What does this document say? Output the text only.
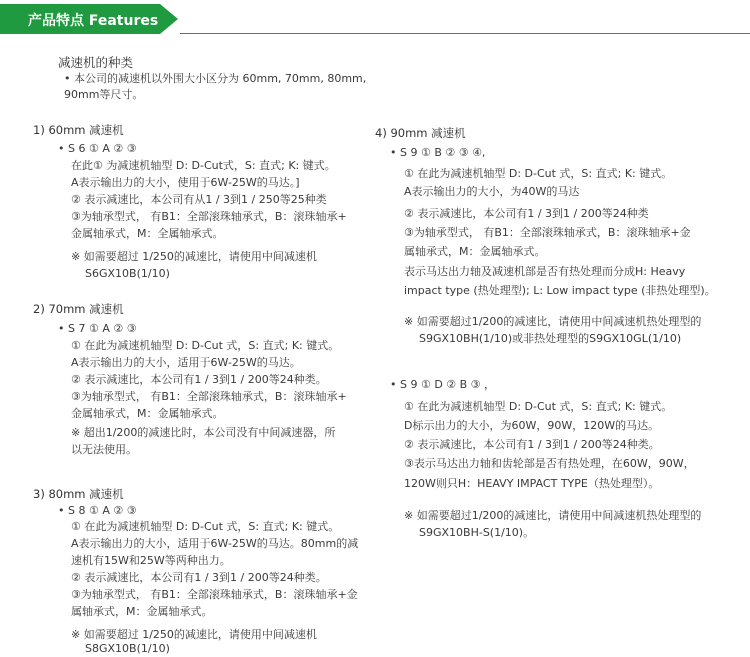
产品特点 Features
减速机的种类
• 本公司的减速机以外围大小区分为 60mm, 70mm, 80mm,
90mm等尺寸。
1) 60mm 减速机
• S 6 ① A ② ③
在此① 为减速机轴型 D: D-Cut式，S: 直式; K: 键式。
A表示输出力的大小，使用于6W-25W的马达。]
② 表示减速比，本公司有从1 / 3到1 / 250等25种类
③为轴承型式， 有B1：全部滚珠轴承式，B：滚珠轴承+
金属轴承式，M：全属轴承式。
※ 如需要超过 1/250的减速比，请使用中间减速机
S6GX10B(1/10)
2) 70mm 减速机
• S 7 ① A ② ③
① 在此为减速机轴型 D: D-Cut 式，S: 直式; K: 键式。
A表示输出力的大小，适用于6W-25W的马达。
② 表示减速比，本公司有1 / 3到1 / 200等24种类。
③为轴承型式， 有B1：全部滚珠轴承式，B：滚珠轴承+
金属轴承式，M：金属轴承式。
※ 超出1/200的减速比时，本公司没有中间减速器，所
以无法使用。
3) 80mm 减速机
• S 8 ① A ② ③
① 在此为减速机轴型 D: D-Cut 式，S: 直式; K: 键式。
A表示输出力的大小，适用于6W-25W的马达。80mm的减
速机有15W和25W等两种出力。
② 表示减速比，本公司有1 / 3到1 / 200等24种类。
③为轴承型式， 有B1：全部滚珠轴承式，B：滚珠轴承+金
属轴承式，M：金属轴承式。
※ 如需要超过 1/250的减速比，请使用中间减速机
S8GX10B(1/10)
4) 90mm 减速机
• S 9 ① B ② ③ ④,
① 在此为减速机轴型 D: D-Cut 式，S: 直式; K: 键式。
A表示输出力的大小，为40W的马达
② 表示减速比，本公司有1 / 3到1 / 200等24种类
③为轴承型式， 有B1：全部滚珠轴承式，B：滚珠轴承+金
属轴承式，M：金属轴承式。
表示马达出力轴及减速机部是否有热处理而分成H: Heavy
impact type (热处理型); L: Low impact type (非热处理型)。
※ 如需要超过1/200的减速比，请使用中间减速机热处理型的
S9GX10BH(1/10)或非热处理型的S9GX10GL(1/10)
• S 9 ① D ② B ③ ，
① 在此为减速机轴型 D: D-Cut 式，S: 直式; K: 键式。
D标示出力的大小，为60W，90W，120W的马达。
② 表示减速比，本公司有1 / 3到1 / 200等24种类。
③表示马达出力轴和齿轮部是否有热处理，在60W，90W，
120W则只H：HEAVY IMPACT TYPE（热处理型）。
※ 如需要超过1/200的减速比，请使用中间减速机热处理型的
S9GX10BH-S(1/10)。
